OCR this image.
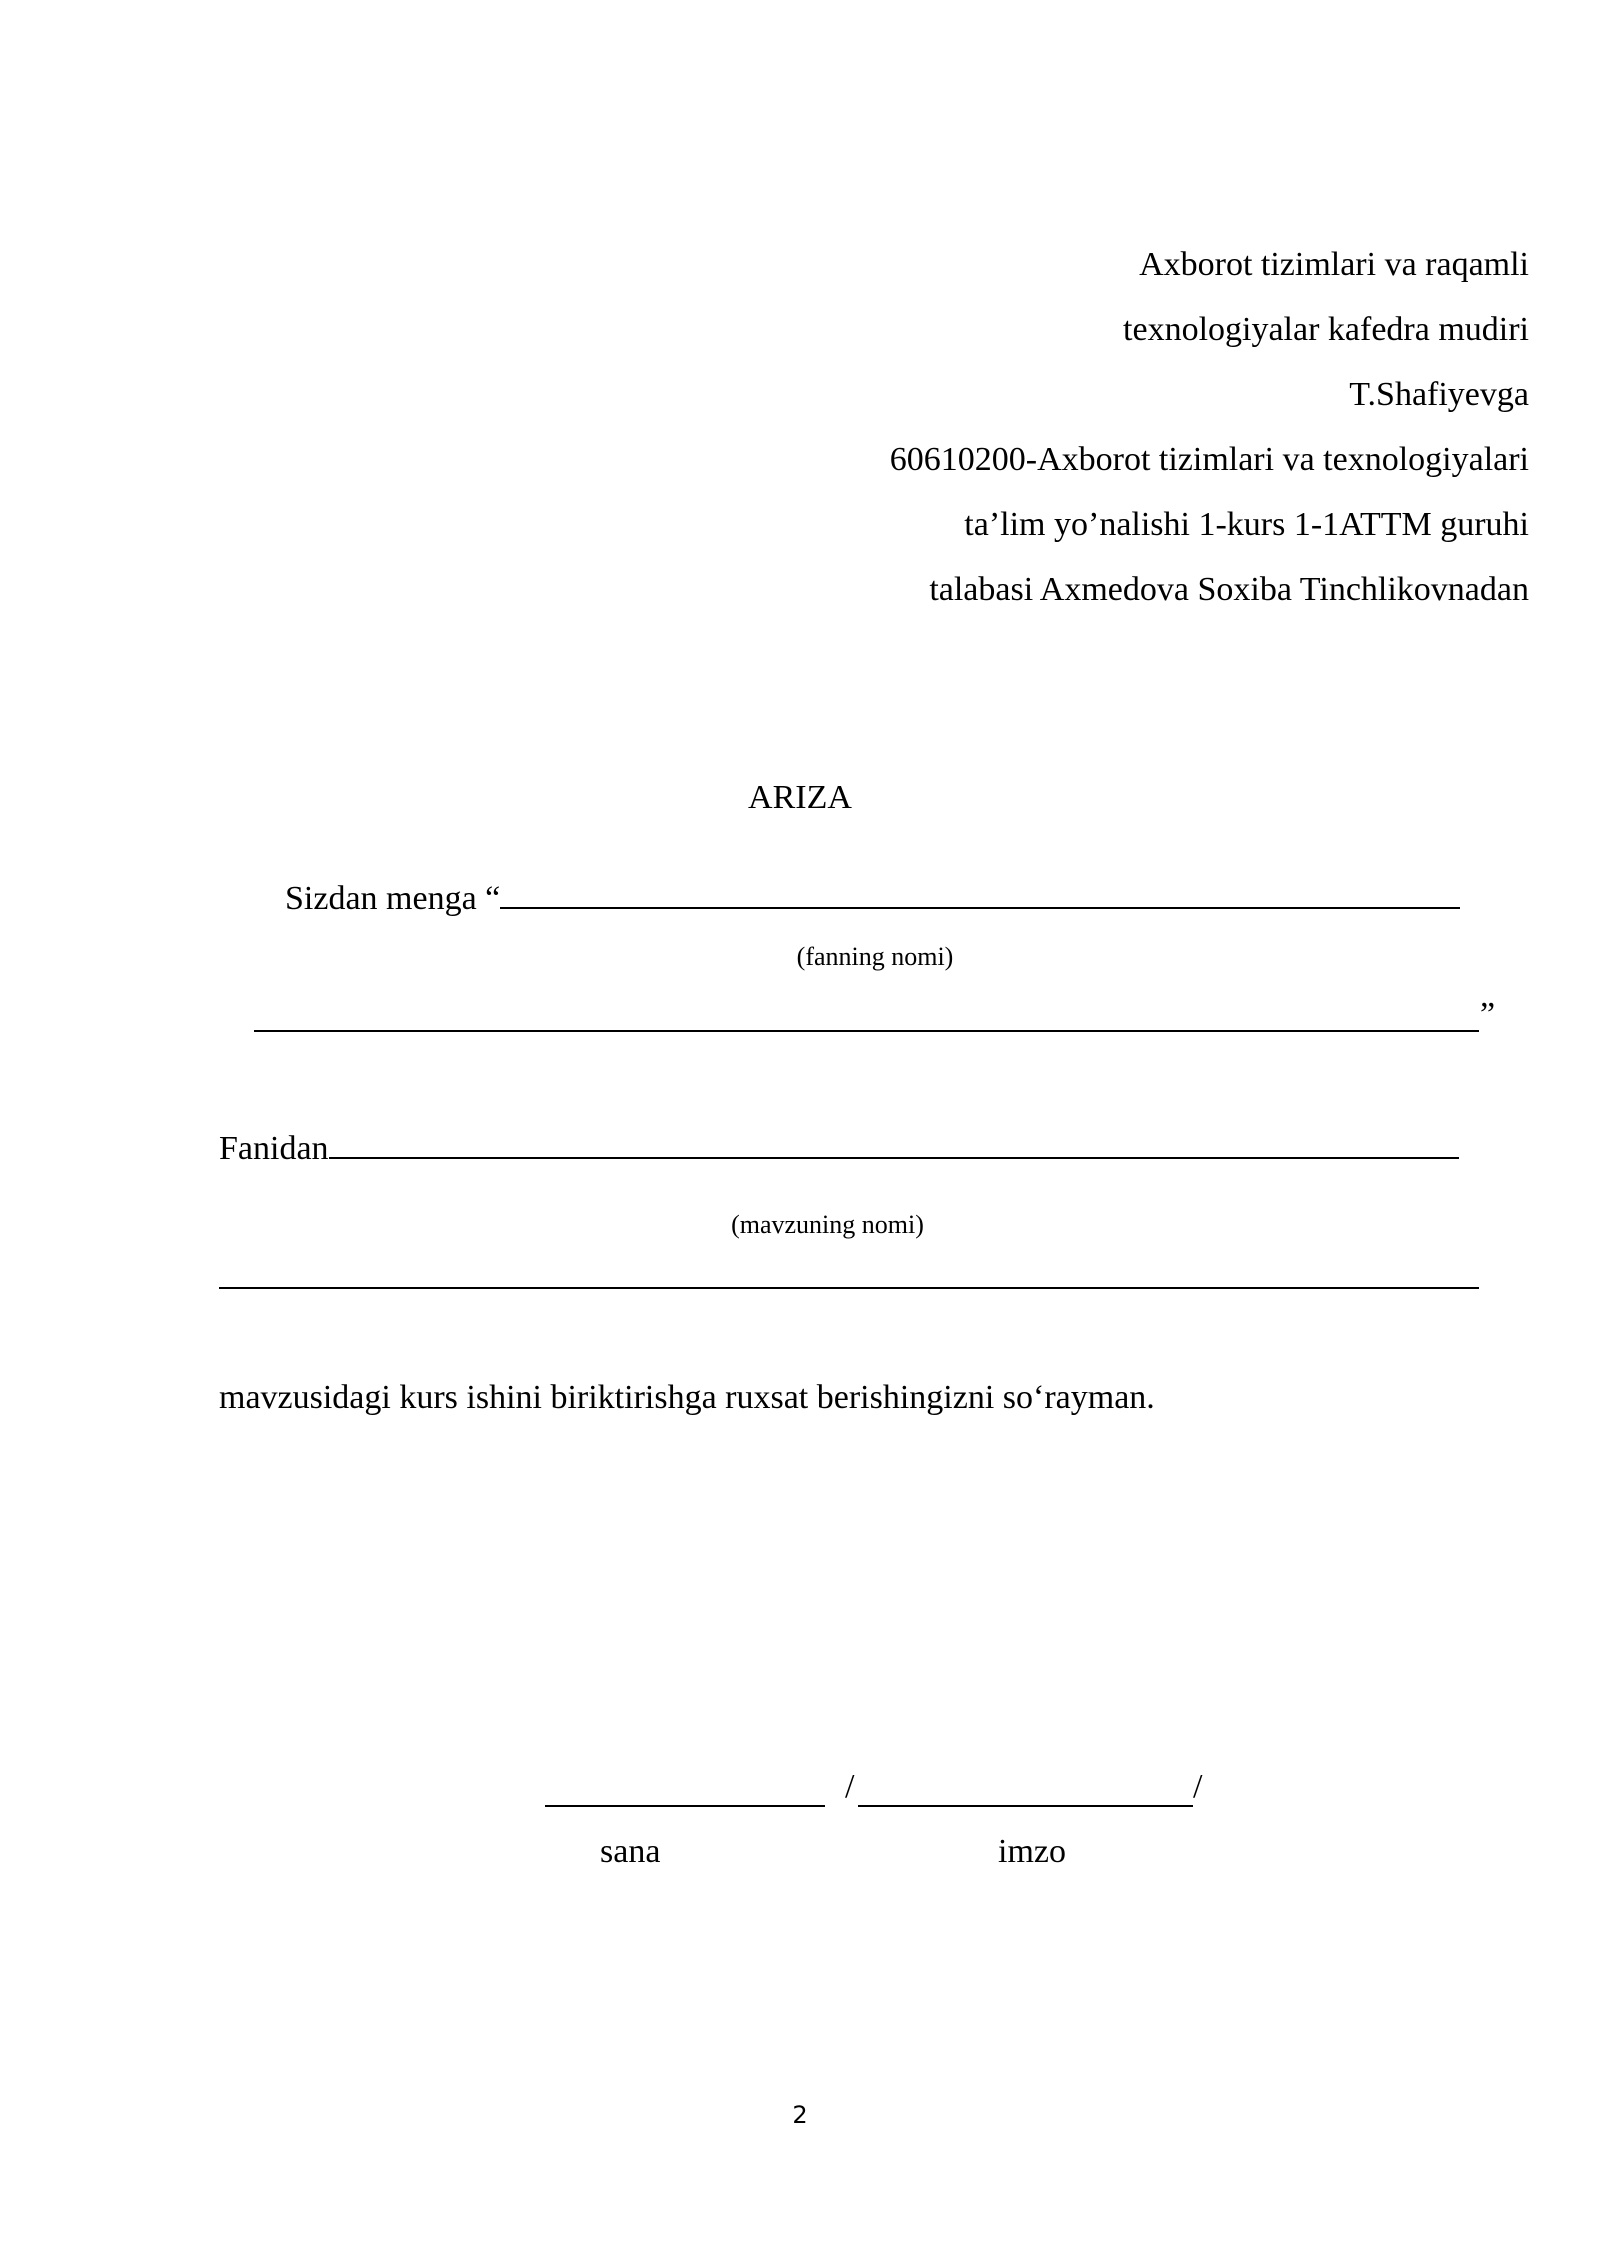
Axborot tizimlari va raqamli
texnologiyalar kafedra mudiri
T.Shafiyevga
60610200-Axborot tizimlari va texnologiyalari
ta’lim yo’nalishi 1-kurs 1-1ATTM guruhi
talabasi Axmedova Soxiba Tinchlikovnadan
ARIZA
Sizdan menga “
(fanning nomi)
”
Fanidan
(mavzuning nomi)
mavzusidagi kurs ishini biriktirishga ruxsat berishingizni so‘rayman.
/	/
sana	imzo
2
